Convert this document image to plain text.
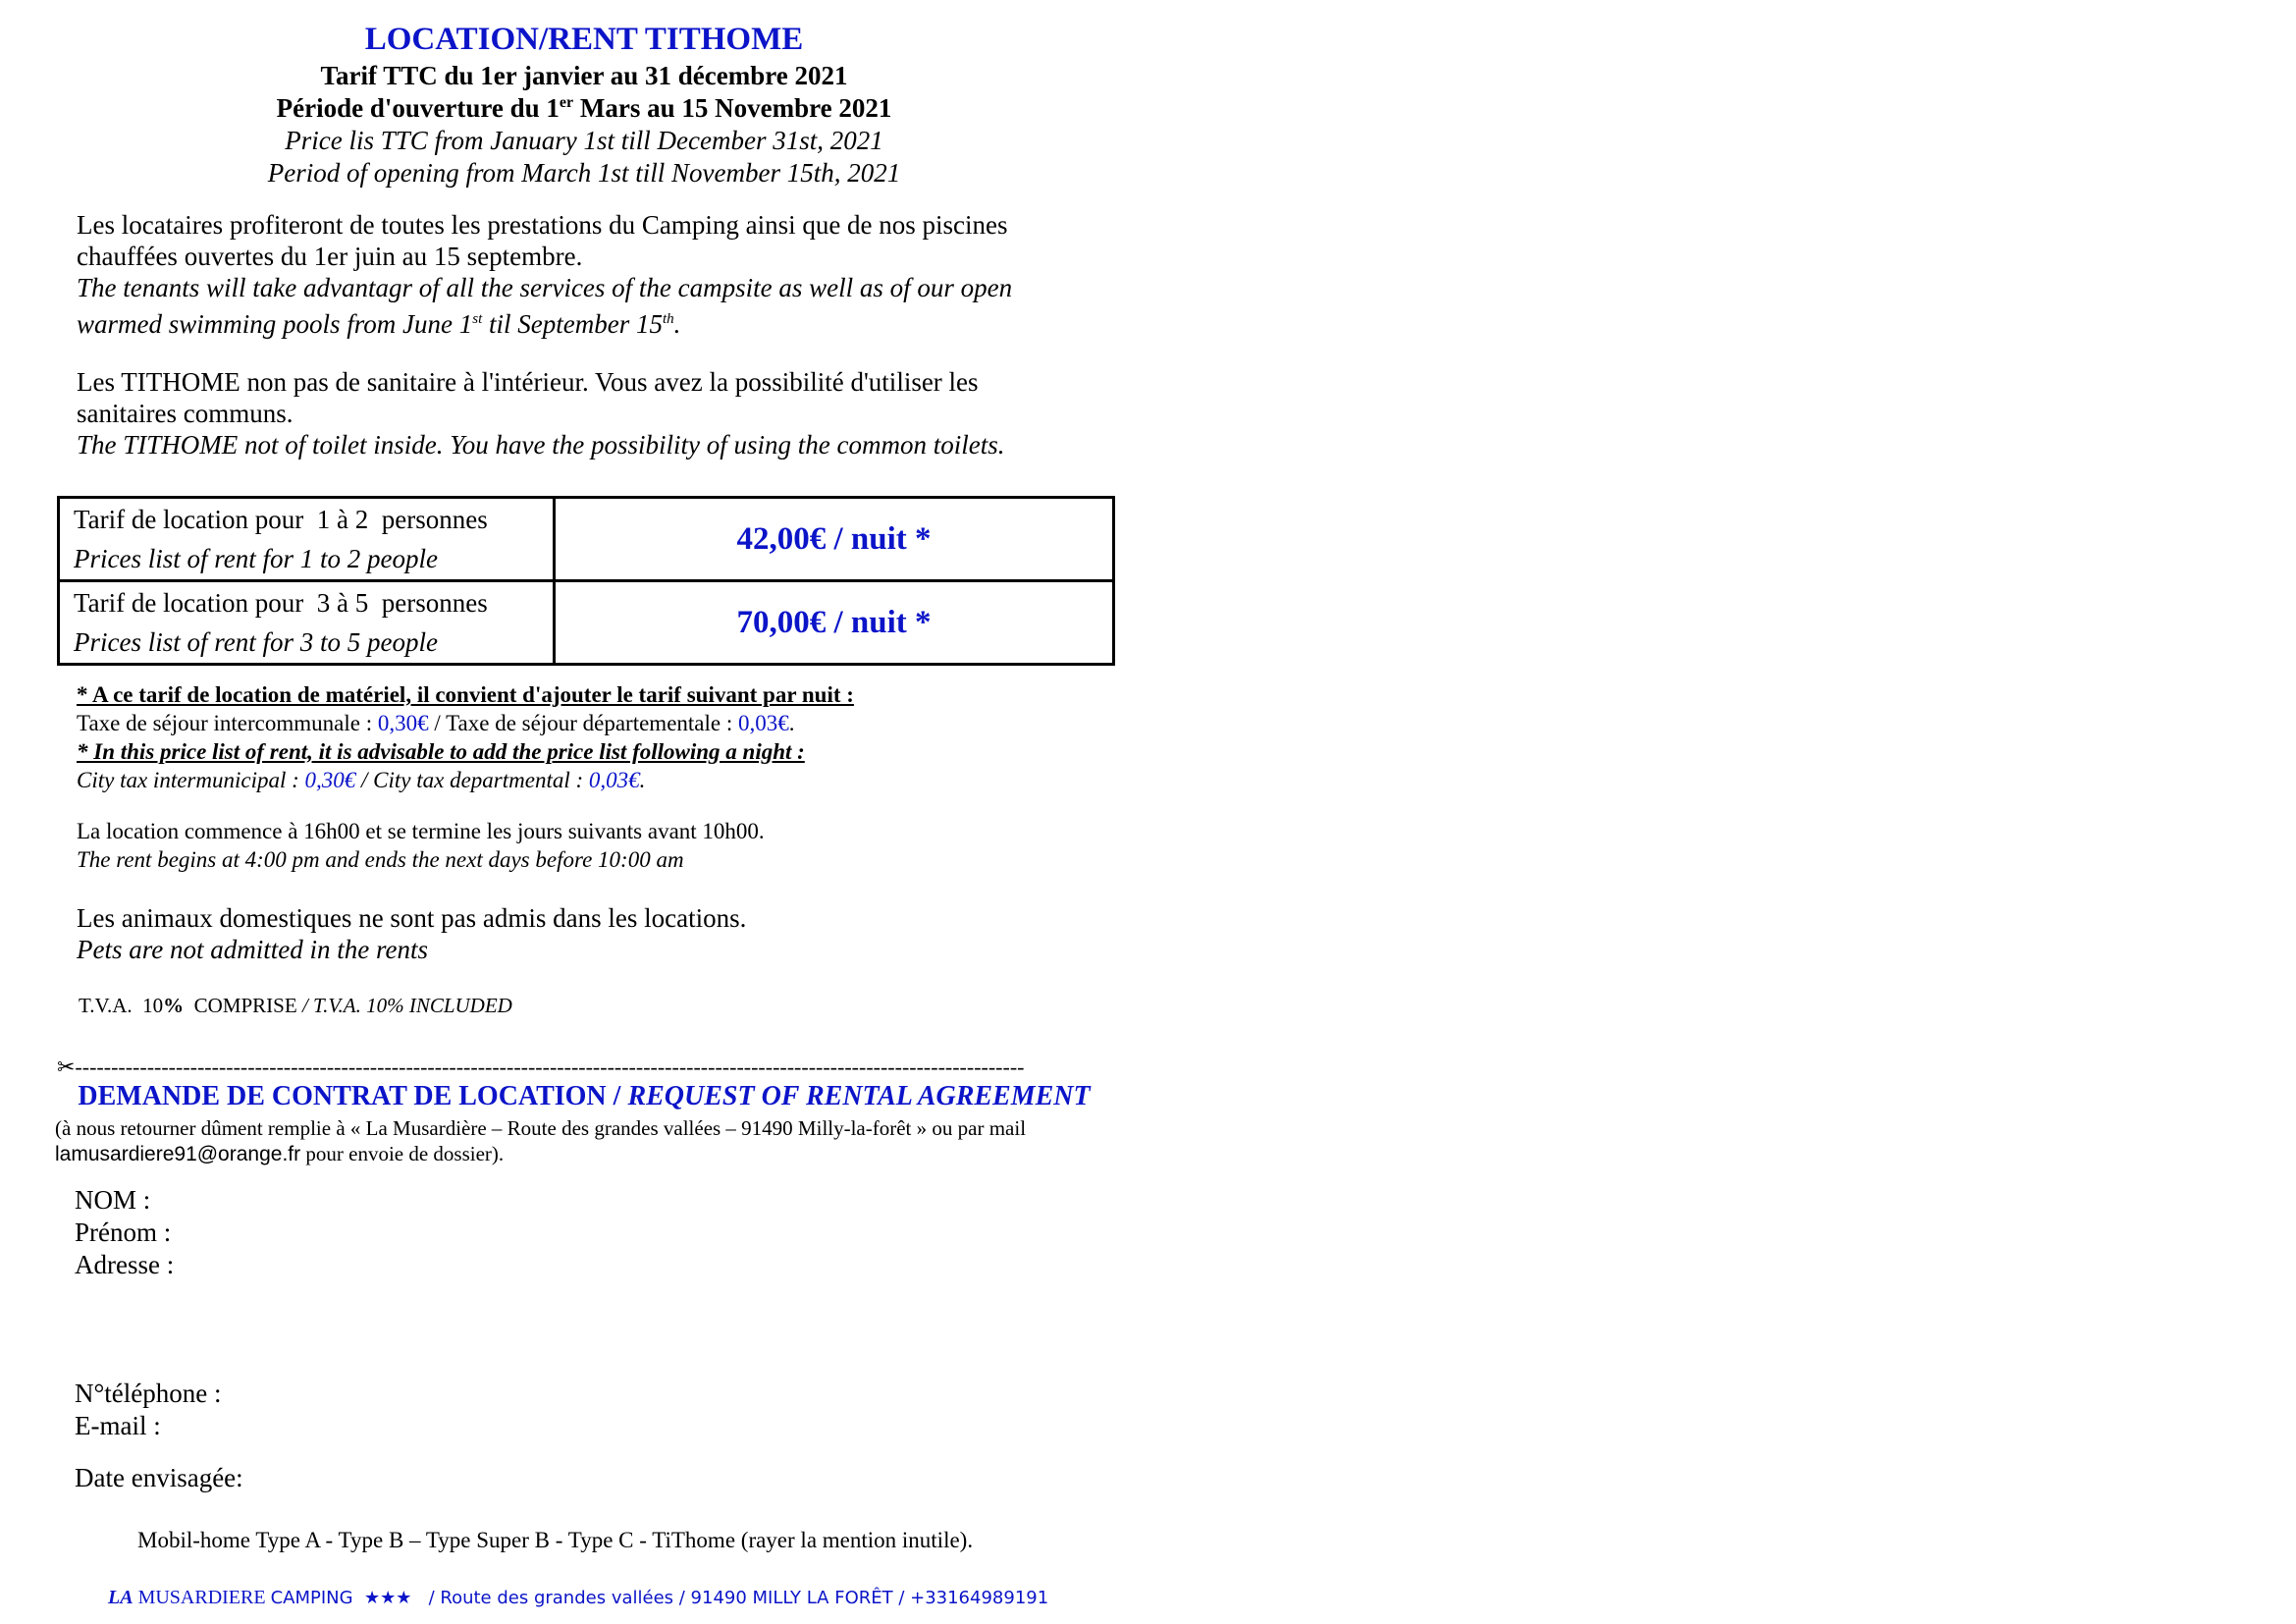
LOCATION/RENT TITHOME
Tarif TTC du 1er janvier au 31 décembre 2021
Période d'ouverture du 1er Mars au 15 Novembre 2021
Price lis TTC from January 1st till December 31st, 2021
Period of opening from March 1st till November 15th, 2021
Les locataires profiteront de toutes les prestations du Camping ainsi que de nos piscines
chauffées ouvertes du 1er juin au 15 septembre.
The tenants will take advantagr of all the services of the campsite as well as of our open
warmed swimming pools from June 1st til September 15th.
Les TITHOME non pas de sanitaire à l'intérieur. Vous avez la possibilité d'utiliser les
sanitaires communs.
The TITHOME not of toilet inside. You have the possibility of using the common toilets.
Tarif de location pour  1 à 2  personnes
Prices list of rent for 1 to 2 people	42,00€ / nuit *

Tarif de location pour  3 à 5  personnes
Prices list of rent for 3 to 5 people	70,00€ / nuit *
* A ce tarif de location de matériel, il convient d'ajouter le tarif suivant par nuit :
Taxe de séjour intercommunale : 0,30€ / Taxe de séjour départementale : 0,03€.
* In this price list of rent, it is advisable to add the price list following a night :
City tax intermunicipal : 0,30€ / City tax departmental : 0,03€.
La location commence à 16h00 et se termine les jours suivants avant 10h00.
The rent begins at 4:00 pm and ends the next days before 10:00 am
Les animaux domestiques ne sont pas admis dans les locations.
Pets are not admitted in the rents
T.V.A.  10%  COMPRISE / T.V.A. 10% INCLUDED
✂------------------------------------------------------------------------------------------------------------------------------------
DEMANDE DE CONTRAT DE LOCATION / REQUEST OF RENTAL AGREEMENT
(à nous retourner dûment remplie à « La Musardière – Route des grandes vallées – 91490 Milly-la-forêt » ou par mail
lamusardiere91@orange.fr pour envoie de dossier).
NOM :
Prénom :
Adresse :
N°téléphone :
E-mail :
Date envisagée:
Mobil-home Type A - Type B – Type Super B - Type C - TiThome (rayer la mention inutile).
LA MUSARDIERE CAMPING  ★★★   / Route des grandes vallées / 91490 MILLY LA FORÊT / +33164989191
